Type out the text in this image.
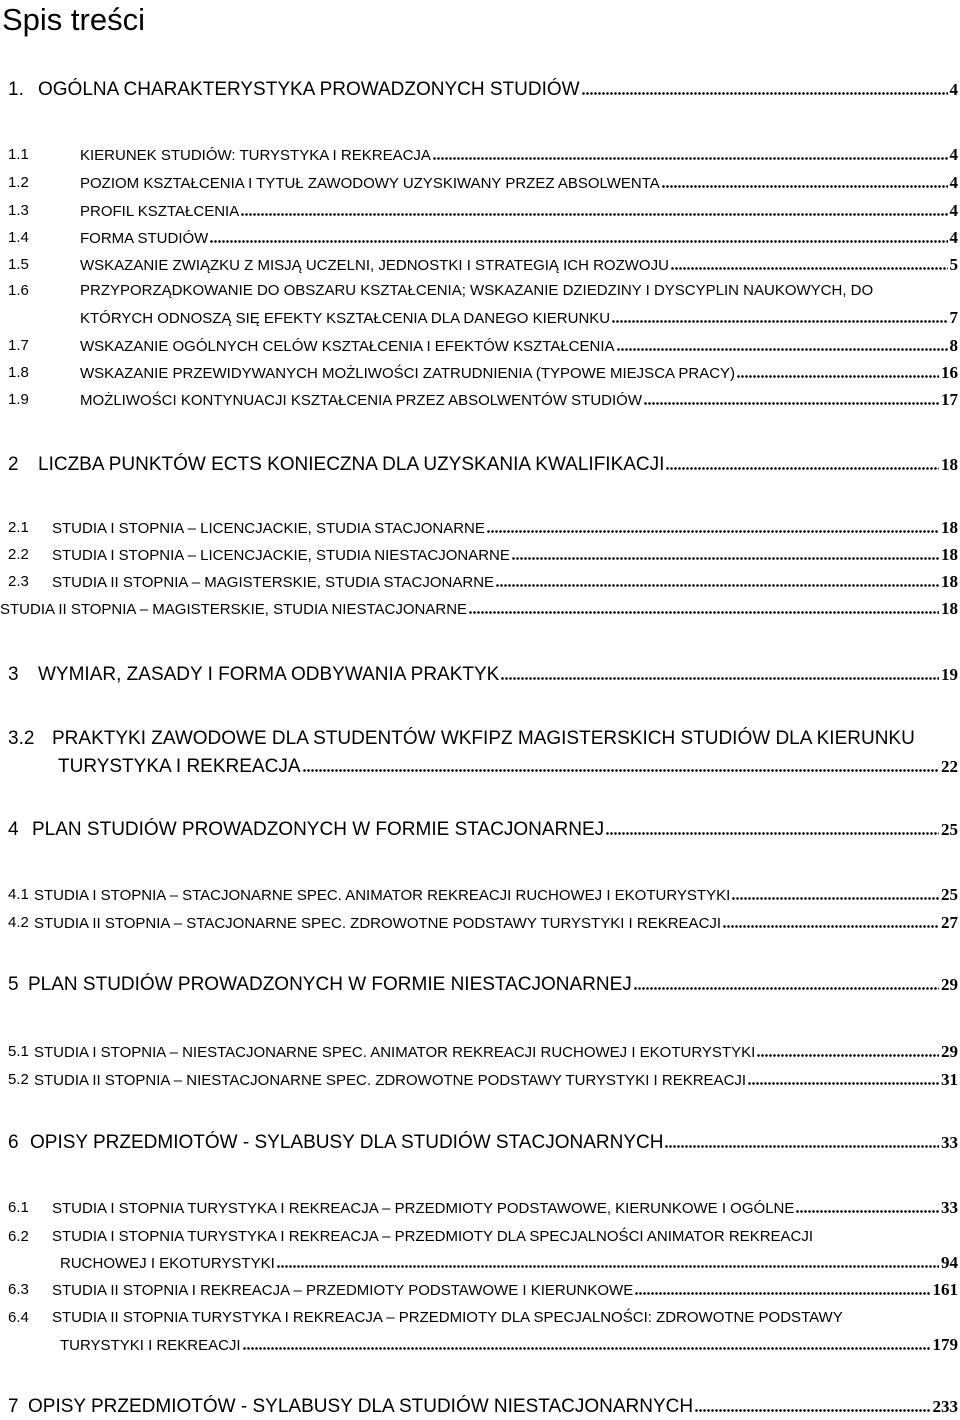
Spis treści
1. OGÓLNA CHARAKTERYSTYKA PROWADZONYCH STUDIÓW	4
1.1	KIERUNEK STUDIÓW: TURYSTYKA I REKREACJA	4
1.2	POZIOM KSZTAŁCENIA I TYTUŁ ZAWODOWY UZYSKIWANY PRZEZ ABSOLWENTA	4
1.3	PROFIL KSZTAŁCENIA	4
1.4	FORMA STUDIÓW	4
1.5	WSKAZANIE ZWIĄZKU Z MISJĄ UCZELNI, JEDNOSTKI I STRATEGIĄ ICH ROZWOJU	5
1.6	PRZYPORZĄDKOWANIE DO OBSZARU KSZTAŁCENIA; WSKAZANIE DZIEDZINY I DYSCYPLIN NAUKOWYCH, DO
KTÓRYCH ODNOSZĄ SIĘ EFEKTY KSZTAŁCENIA DLA DANEGO KIERUNKU	7
1.7	WSKAZANIE OGÓLNYCH CELÓW KSZTAŁCENIA I EFEKTÓW KSZTAŁCENIA	8
1.8	WSKAZANIE PRZEWIDYWANYCH MOŻLIWOŚCI ZATRUDNIENIA (TYPOWE MIEJSCA PRACY)	16
1.9	MOŻLIWOŚCI KONTYNUACJI KSZTAŁCENIA PRZEZ ABSOLWENTÓW STUDIÓW	17
2 LICZBA PUNKTÓW ECTS KONIECZNA DLA UZYSKANIA KWALIFIKACJI	18
2.1 STUDIA I STOPNIA – LICENCJACKIE, STUDIA STACJONARNE	18
2.2 STUDIA I STOPNIA – LICENCJACKIE, STUDIA NIESTACJONARNE	18
2.3 STUDIA II STOPNIA – MAGISTERSKIE, STUDIA STACJONARNE	18
STUDIA II STOPNIA – MAGISTERSKIE, STUDIA NIESTACJONARNE	18
3 WYMIAR, ZASADY I FORMA ODBYWANIA PRAKTYK	19
3.2 PRAKTYKI ZAWODOWE DLA STUDENTÓW WKFIPZ MAGISTERSKICH STUDIÓW DLA KIERUNKU
TURYSTYKA I REKREACJA	22
4 PLAN STUDIÓW PROWADZONYCH W FORMIE STACJONARNEJ	25
4.1 STUDIA I STOPNIA – STACJONARNE SPEC. ANIMATOR REKREACJI RUCHOWEJ I EKOTURYSTYKI	25
4.2 STUDIA II STOPNIA – STACJONARNE SPEC. ZDROWOTNE PODSTAWY TURYSTYKI I REKREACJI	27
5 PLAN STUDIÓW PROWADZONYCH W FORMIE NIESTACJONARNEJ	29
5.1 STUDIA I STOPNIA – NIESTACJONARNE SPEC. ANIMATOR REKREACJI RUCHOWEJ I EKOTURYSTYKI	29
5.2 STUDIA II STOPNIA – NIESTACJONARNE SPEC. ZDROWOTNE PODSTAWY TURYSTYKI I REKREACJI	31
6 OPISY PRZEDMIOTÓW - SYLABUSY DLA STUDIÓW STACJONARNYCH	33
6.1 STUDIA I STOPNIA TURYSTYKA I REKREACJA – PRZEDMIOTY PODSTAWOWE, KIERUNKOWE I OGÓLNE	33
6.2 STUDIA I STOPNIA TURYSTYKA I REKREACJA – PRZEDMIOTY DLA SPECJALNOŚCI ANIMATOR REKREACJI
RUCHOWEJ I EKOTURYSTYKI	94
6.3 STUDIA II STOPNIA I REKREACJA – PRZEDMIOTY PODSTAWOWE I KIERUNKOWE	161
6.4 STUDIA II STOPNIA TURYSTYKA I REKREACJA – PRZEDMIOTY DLA SPECJALNOŚCI: ZDROWOTNE PODSTAWY
TURYSTYKI I REKREACJI	179
7 OPISY PRZEDMIOTÓW - SYLABUSY DLA STUDIÓW NIESTACJONARNYCH	233
